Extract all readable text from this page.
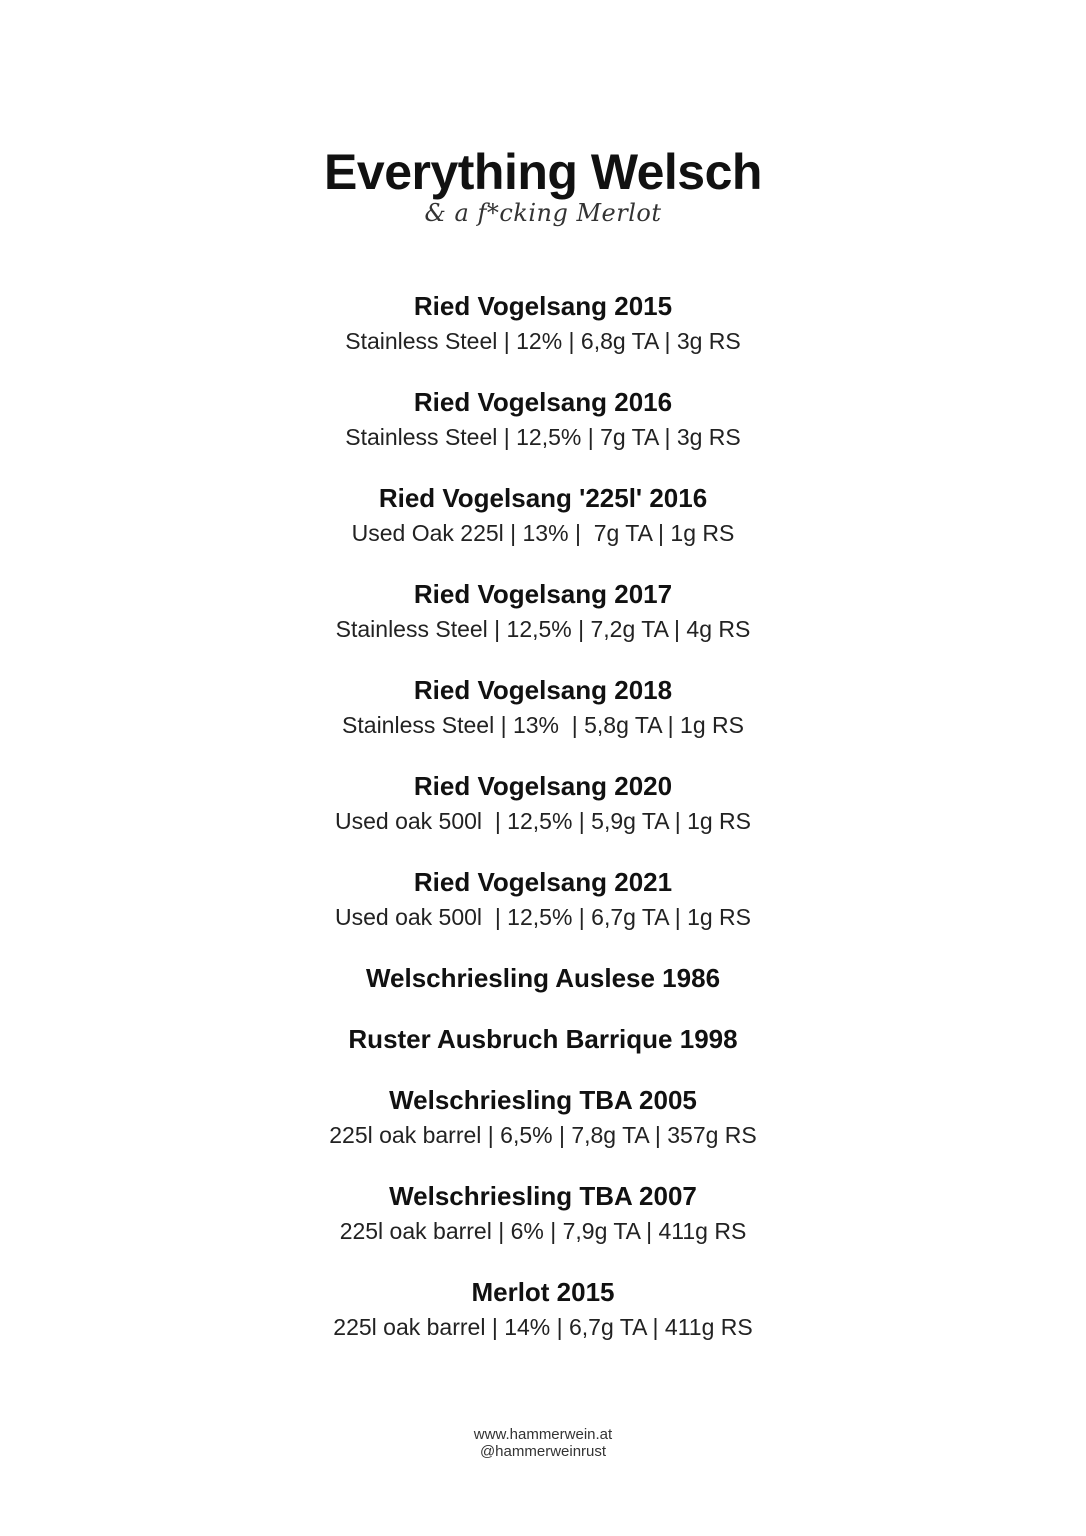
Everything Welsch
& a f*cking Merlot
Ried Vogelsang 2015
Stainless Steel | 12% | 6,8g TA | 3g RS
Ried Vogelsang 2016
Stainless Steel | 12,5% | 7g TA | 3g RS
Ried Vogelsang '225l' 2016
Used Oak 225l | 13% |  7g TA | 1g RS
Ried Vogelsang 2017
Stainless Steel | 12,5% | 7,2g TA | 4g RS
Ried Vogelsang 2018
Stainless Steel | 13%  | 5,8g TA | 1g RS
Ried Vogelsang 2020
Used oak 500l  | 12,5% | 5,9g TA | 1g RS
Ried Vogelsang 2021
Used oak 500l  | 12,5% | 6,7g TA | 1g RS
Welschriesling Auslese 1986
Ruster Ausbruch Barrique 1998
Welschriesling TBA 2005
225l oak barrel | 6,5% | 7,8g TA | 357g RS
Welschriesling TBA 2007
225l oak barrel | 6% | 7,9g TA | 411g RS
Merlot 2015
225l oak barrel | 14% | 6,7g TA | 411g RS
www.hammerwein.at
@hammerweinrust
